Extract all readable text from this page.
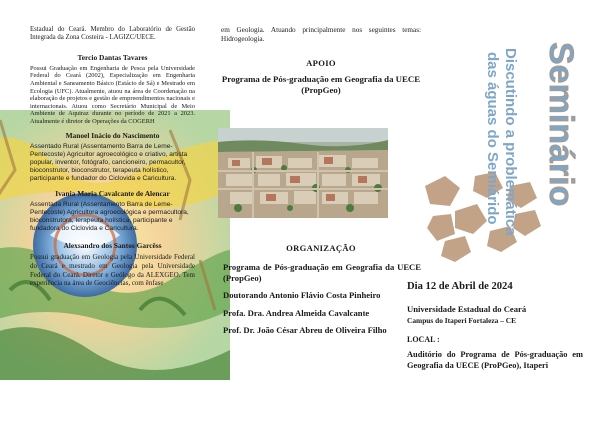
Estadual do Ceará. Membro do Laboratório de Gestão Integrada da Zona Costeira - LAGIZC/UECE.

Tercio Dantas Tavares

Possui Graduação em Engenharia de Pesca pela Universidade Federal do Ceará (2002), Especialização em Engenharia Ambiental e Saneamento Básico (Estácio de Sá) e Mestrado em Ecologia (UFC). Atualmente, atuou na área de Coordenação na elaboração de projetos e gestão de empreendimentos nacionais e internacionais. Atuou como Secretário Municipal de Meio Ambiente de Aquiraz durante no período de 2021 a 2023. Atualmente é diretor de Operações da COGERH

Manoel Inácio do Nascimento

Assentado Rural (Assentamento Barra de Leme-Pentecoste) Agricultor agroecológico e criativo, artista popular, inventor, fotógrafo, cancioneiro, permacultor, bioconstrutor, bioconstrutor, terapeuta holístico, participante e fundador do Ciclovida e Caricultura.

Ivania Maria Cavalcante de Alencar

Assentada Rural (Assentamento Barra de Leme-Pentecoste) Agricultora agroecológica e permacultora, bioconstrutora, terapeuta holística, participante e fundadora do Ciclovida e Caricultura.

Alexsandro dos Santos Garcêss

Possui graduação em Geologia pela Universidade Federal do Ceará e mestrado em Geologia pela Universidade Federal do Ceará. Diretor e Geólogo da ALEXGEO. Tem experiência na área de Geociências, com ênfase

em Geologia. Atuando principalmente nos seguintes temas: Hidrogeologia.

APOIO

Programa de Pós-graduação em Geografia da UECE (PropGeo)

ORGANIZAÇÃO

Programa de Pós-graduação em Geografia da UECE (PropGeo)
Doutorando Antonio Flávio Costa Pinheiro
Profa. Dra. Andrea Almeida Cavalcante
Prof. Dr. João César Abreu de Oliveira Filho
Seminário
Discutindo a problemática
das águas do Semiárido

Dia 12 de Abril de 2024

Universidade Estadual do Ceará

Campus do Itaperi Fortaleza – CE

LOCAL :

Auditório do Programa de Pós-graduação em Geografia da UECE (ProPGeo), Itaperi
